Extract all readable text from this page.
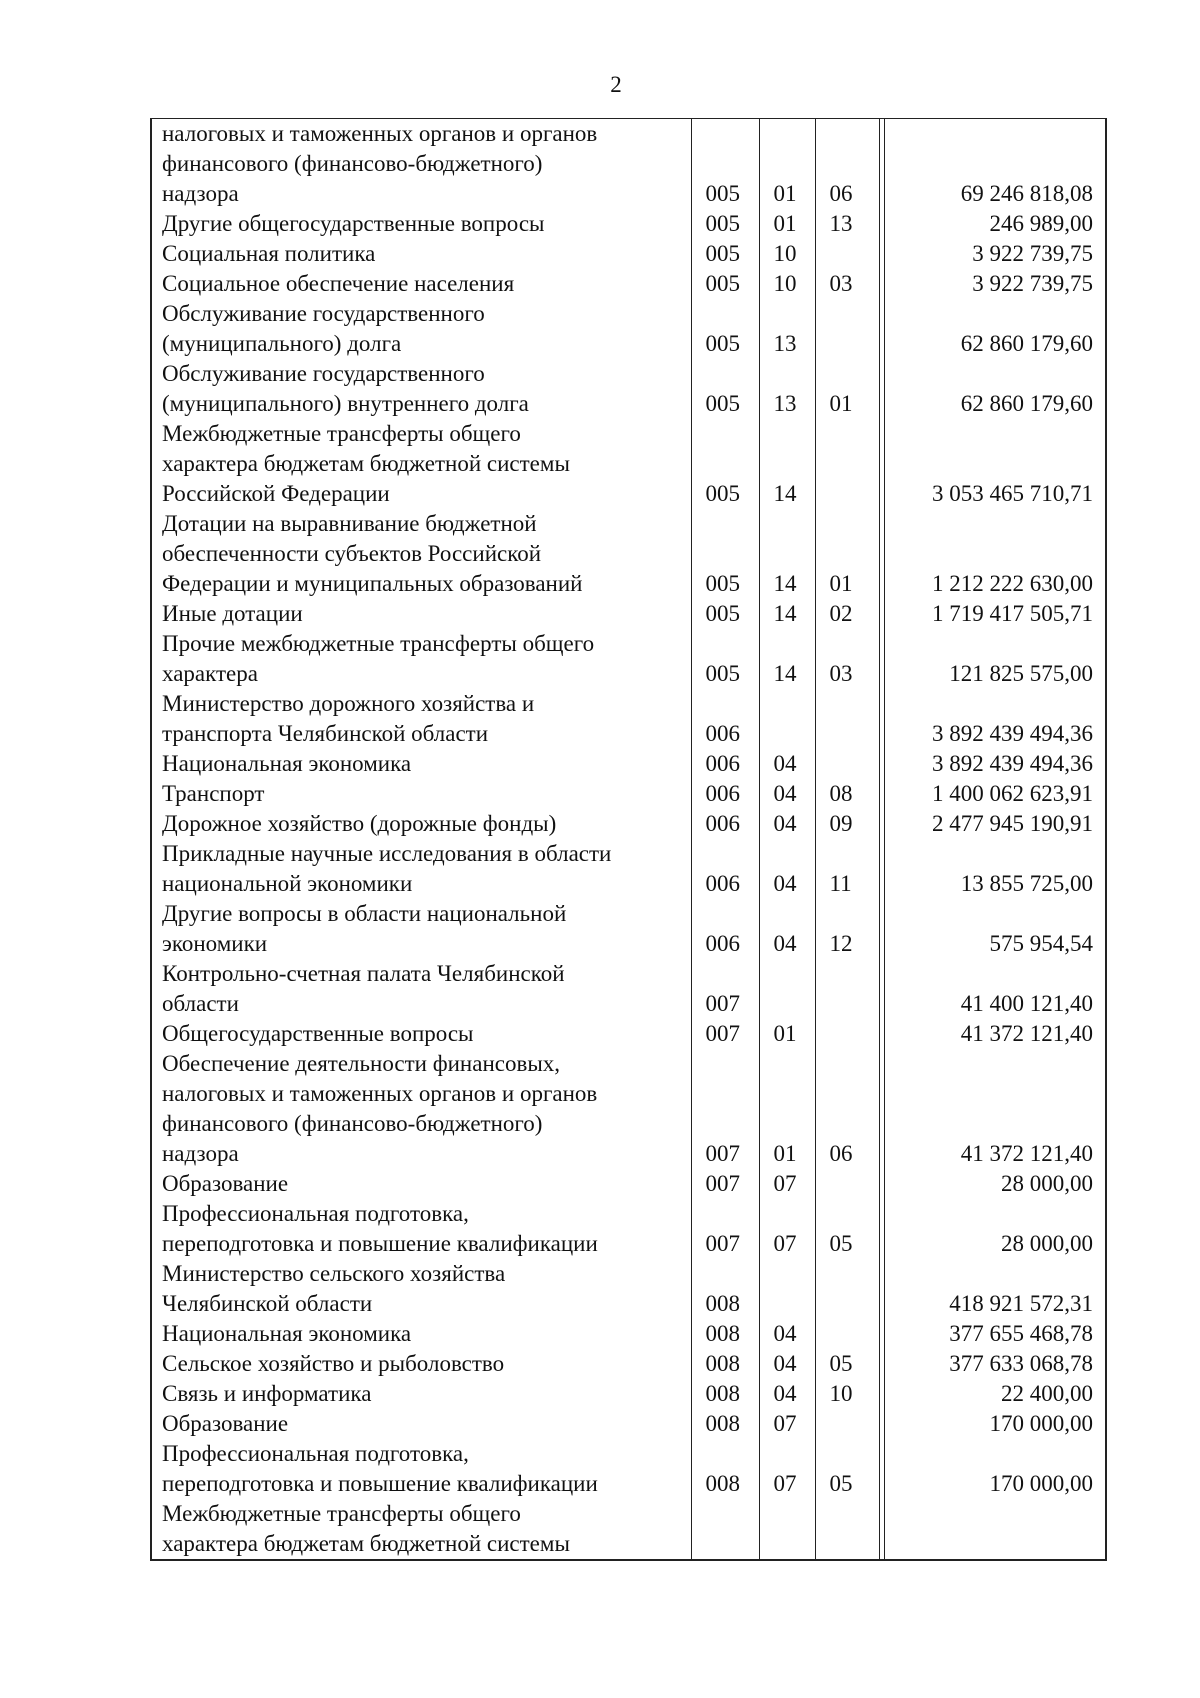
2
налоговых и таможенных органов и органов
финансового (финансово-бюджетного)
надзора	005	01	06		69 246 818,08
Другие общегосударственные вопросы	005	01	13		246 989,00
Социальная политика	005	10			3 922 739,75
Социальное обеспечение населения	005	10	03		3 922 739,75
Обслуживание государственного
(муниципального) долга	005	13			62 860 179,60
Обслуживание государственного
(муниципального) внутреннего долга	005	13	01		62 860 179,60
Межбюджетные трансферты общего
характера бюджетам бюджетной системы
Российской Федерации	005	14			3 053 465 710,71
Дотации на выравнивание бюджетной
обеспеченности субъектов Российской
Федерации и муниципальных образований	005	14	01		1 212 222 630,00
Иные дотации	005	14	02		1 719 417 505,71
Прочие межбюджетные трансферты общего
характера	005	14	03		121 825 575,00
Министерство дорожного хозяйства и
транспорта Челябинской области	006				3 892 439 494,36
Национальная экономика	006	04			3 892 439 494,36
Транспорт	006	04	08		1 400 062 623,91
Дорожное хозяйство (дорожные фонды)	006	04	09		2 477 945 190,91
Прикладные научные исследования в области
национальной экономики	006	04	11		13 855 725,00
Другие вопросы в области национальной
экономики	006	04	12		575 954,54
Контрольно-счетная палата Челябинской
области	007				41 400 121,40
Общегосударственные вопросы	007	01			41 372 121,40
Обеспечение деятельности финансовых,
налоговых и таможенных органов и органов
финансового (финансово-бюджетного)
надзора	007	01	06		41 372 121,40
Образование	007	07			28 000,00
Профессиональная подготовка,
переподготовка и повышение квалификации	007	07	05		28 000,00
Министерство сельского хозяйства
Челябинской области	008				418 921 572,31
Национальная экономика	008	04			377 655 468,78
Сельское хозяйство и рыболовство	008	04	05		377 633 068,78
Связь и информатика	008	04	10		22 400,00
Образование	008	07			170 000,00
Профессиональная подготовка,
переподготовка и повышение квалификации	008	07	05		170 000,00
Межбюджетные трансферты общего
характера бюджетам бюджетной системы					
